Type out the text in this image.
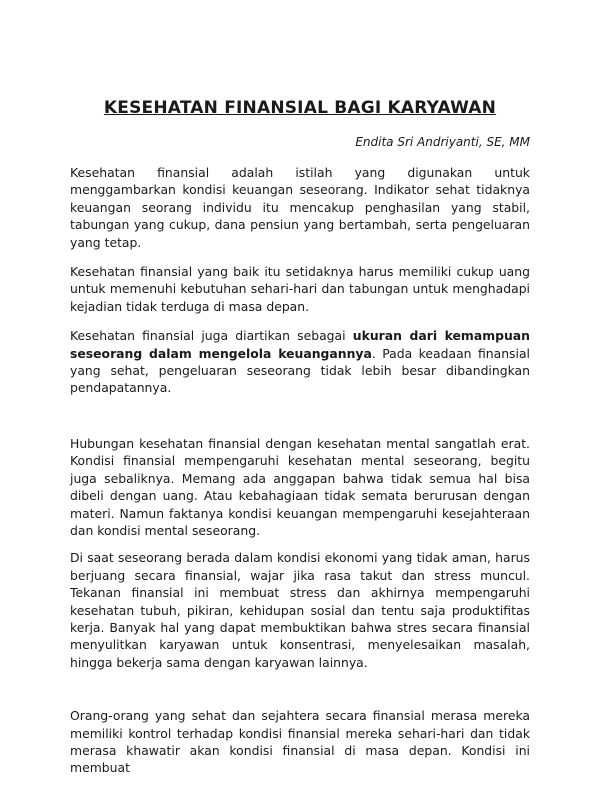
KESEHATAN FINANSIAL BAGI KARYAWAN
Endita Sri Andriyanti, SE, MM

Kesehatan finansial adalah istilah yang digunakan untuk menggambarkan kondisi keuangan seseorang. Indikator sehat tidaknya keuangan seorang individu itu mencakup penghasilan yang stabil, tabungan yang cukup, dana pensiun yang bertambah, serta pengeluaran yang tetap.

Kesehatan finansial yang baik itu setidaknya harus memiliki cukup uang untuk memenuhi kebutuhan sehari-hari dan tabungan untuk menghadapi kejadian tidak terduga di masa depan.

Kesehatan finansial juga diartikan sebagai ukuran dari kemampuan seseorang dalam mengelola keuangannya. Pada keadaan finansial yang sehat, pengeluaran seseorang tidak lebih besar dibandingkan pendapatannya.

Hubungan kesehatan finansial dengan kesehatan mental sangatlah erat. Kondisi finansial mempengaruhi kesehatan mental seseorang, begitu juga sebaliknya. Memang ada anggapan bahwa tidak semua hal bisa dibeli dengan uang. Atau kebahagiaan tidak semata berurusan dengan materi. Namun faktanya kondisi keuangan mempengaruhi kesejahteraan dan kondisi mental seseorang.

Di saat seseorang berada dalam kondisi ekonomi yang tidak aman, harus berjuang secara finansial, wajar jika rasa takut dan stress muncul. Tekanan finansial ini membuat stress dan akhirnya mempengaruhi kesehatan tubuh, pikiran, kehidupan sosial dan tentu saja produktifitas kerja. Banyak hal yang dapat membuktikan bahwa stres secara finansial menyulitkan karyawan untuk konsentrasi, menyelesaikan masalah, hingga bekerja sama dengan karyawan lainnya.

Orang-orang yang sehat dan sejahtera secara finansial merasa mereka memiliki kontrol terhadap kondisi finansial mereka sehari-hari dan tidak merasa khawatir akan kondisi finansial di masa depan. Kondisi ini membuat
